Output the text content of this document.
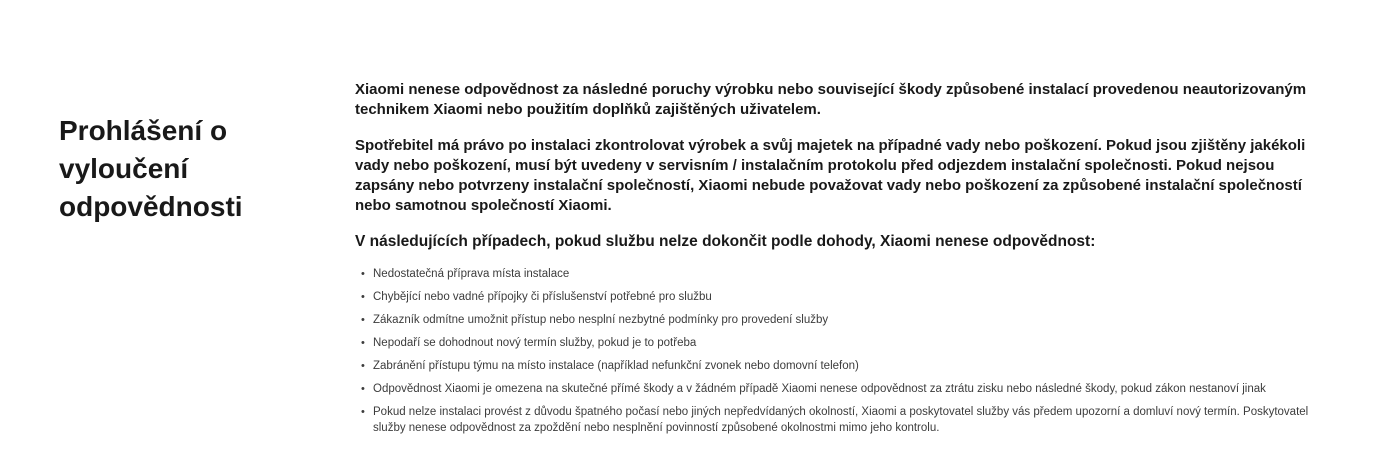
Prohlášení o vyloučení odpovědnosti

Xiaomi nenese odpovědnost za následné poruchy výrobku nebo související škody způsobené instalací provedenou neautorizovaným technikem Xiaomi nebo použitím doplňků zajištěných uživatelem.

Spotřebitel má právo po instalaci zkontrolovat výrobek a svůj majetek na případné vady nebo poškození. Pokud jsou zjištěny jakékoli vady nebo poškození, musí být uvedeny v servisním / instalačním protokolu před odjezdem instalační společnosti. Pokud nejsou zapsány nebo potvrzeny instalační společností, Xiaomi nebude považovat vady nebo poškození za způsobené instalační společností nebo samotnou společností Xiaomi.

V následujících případech, pokud službu nelze dokončit podle dohody, Xiaomi nenese odpovědnost:

• Nedostatečná příprava místa instalace
• Chybějící nebo vadné přípojky či příslušenství potřebné pro službu
• Zákazník odmítne umožnit přístup nebo nesplní nezbytné podmínky pro provedení služby
• Nepodaří se dohodnout nový termín služby, pokud je to potřeba
• Zabránění přístupu týmu na místo instalace (například nefunkční zvonek nebo domovní telefon)
• Odpovědnost Xiaomi je omezena na skutečné přímé škody a v žádném případě Xiaomi nenese odpovědnost za ztrátu zisku nebo následné škody, pokud zákon nestanoví jinak
• Pokud nelze instalaci provést z důvodu špatného počasí nebo jiných nepředvídaných okolností, Xiaomi a poskytovatel služby vás předem upozorní a domluví nový termín. Poskytovatel služby nenese odpovědnost za zpoždění nebo nesplnění povinností způsobené okolnostmi mimo jeho kontrolu.
